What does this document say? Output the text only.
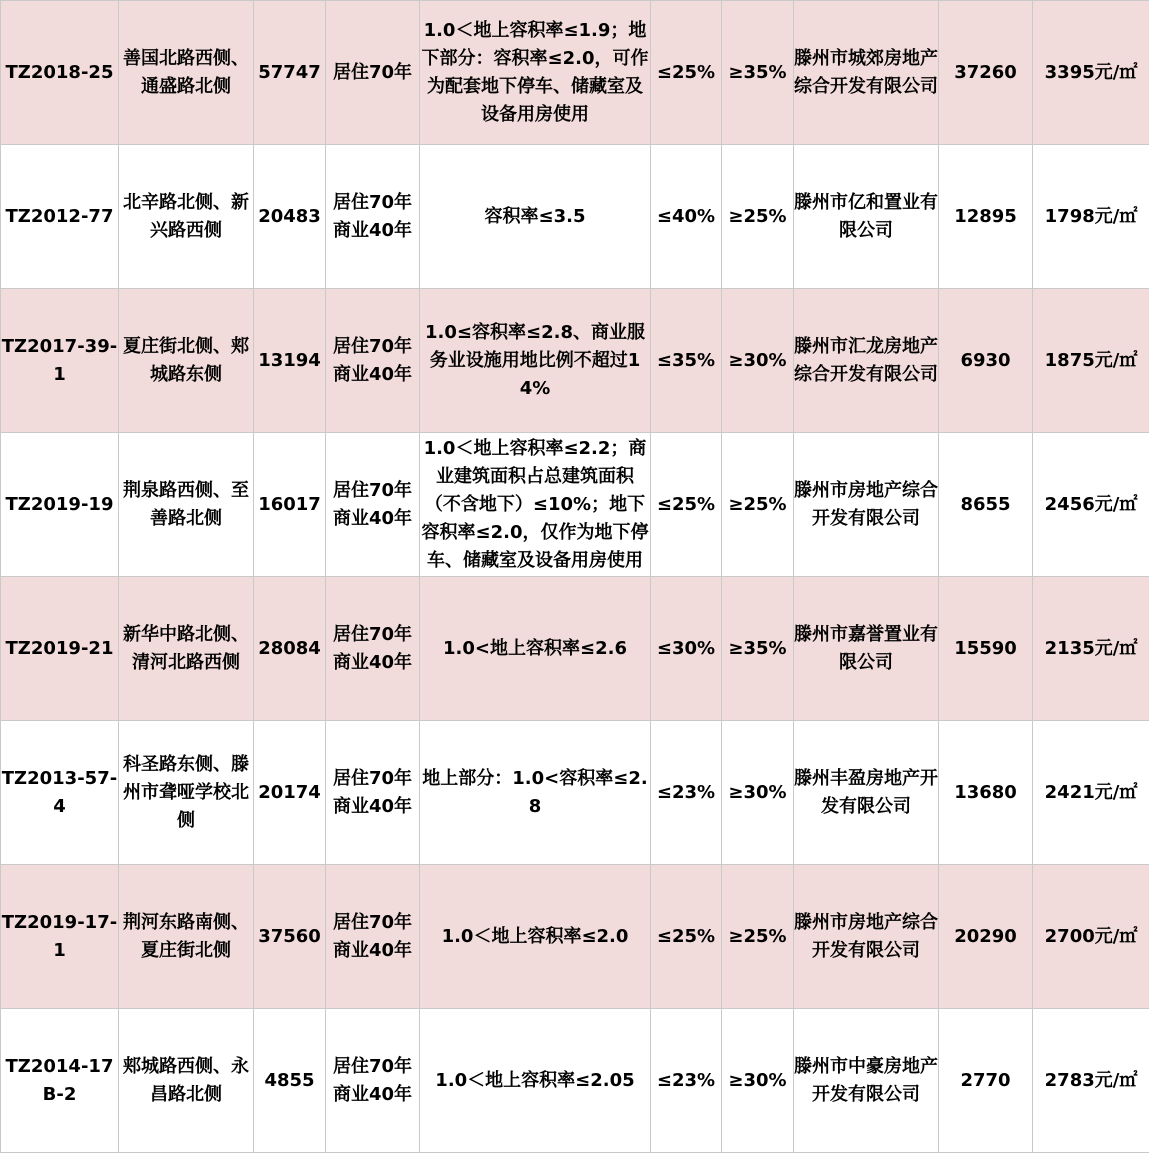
TZ2018-25	善国北路西侧、通盛路北侧	57747	居住70年	1.0＜地上容积率≤1.9；地下部分：容积率≤2.0，可作为配套地下停车、储藏室及设备用房使用	≤25%	≥35%	滕州市城郊房地产综合开发有限公司	37260	3395元/㎡
TZ2012-77	北辛路北侧、新兴路西侧	20483	居住70年商业40年	容积率≤3.5	≤40%	≥25%	滕州市亿和置业有限公司	12895	1798元/㎡
TZ2017-39-1	夏庄街北侧、郏城路东侧	13194	居住70年商业40年	1.0≤容积率≤2.8、商业服务业设施用地比例不超过14%	≤35%	≥30%	滕州市汇龙房地产综合开发有限公司	6930	1875元/㎡
TZ2019-19	荆泉路西侧、至善路北侧	16017	居住70年商业40年	1.0＜地上容积率≤2.2；商业建筑面积占总建筑面积（不含地下）≤10%；地下容积率≤2.0，仅作为地下停车、储藏室及设备用房使用	≤25%	≥25%	滕州市房地产综合开发有限公司	8655	2456元/㎡
TZ2019-21	新华中路北侧、清河北路西侧	28084	居住70年商业40年	1.0<地上容积率≤2.6	≤30%	≥35%	滕州市嘉誉置业有限公司	15590	2135元/㎡
TZ2013-57-4	科圣路东侧、滕州市聋哑学校北侧	20174	居住70年商业40年	地上部分：1.0<容积率≤2.8	≤23%	≥30%	滕州丰盈房地产开发有限公司	13680	2421元/㎡
TZ2019-17-1	荆河东路南侧、夏庄街北侧	37560	居住70年商业40年	1.0＜地上容积率≤2.0	≤25%	≥25%	滕州市房地产综合开发有限公司	20290	2700元/㎡
TZ2014-17B-2	郏城路西侧、永昌路北侧	4855	居住70年商业40年	1.0＜地上容积率≤2.05	≤23%	≥30%	滕州市中豪房地产开发有限公司	2770	2783元/㎡
